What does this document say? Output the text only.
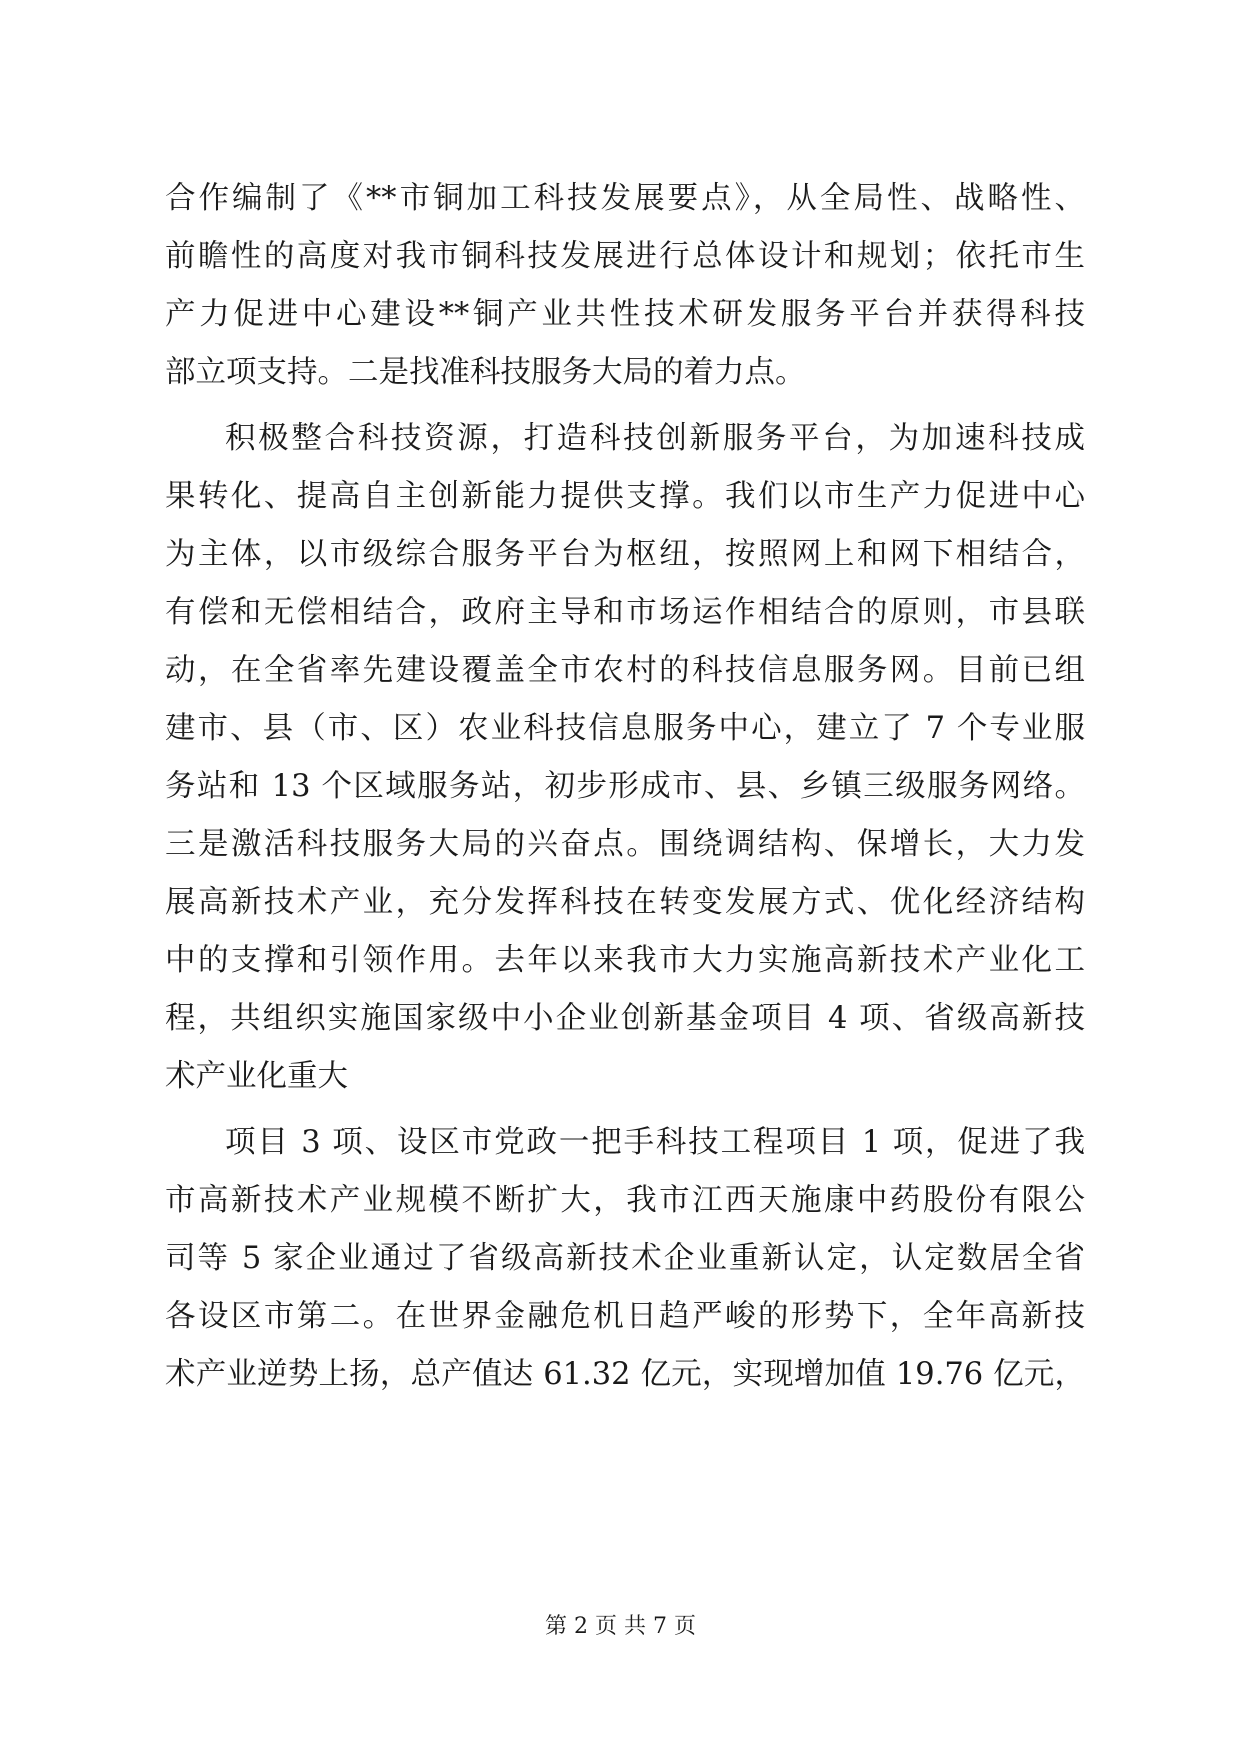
合作编制了《**市铜加工科技发展要点》，从全局性、战略性、
前瞻性的高度对我市铜科技发展进行总体设计和规划；依托市生
产力促进中心建设**铜产业共性技术研发服务平台并获得科技
部立项支持。二是找准科技服务大局的着力点。
积极整合科技资源，打造科技创新服务平台，为加速科技成
果转化、提高自主创新能力提供支撑。我们以市生产力促进中心
为主体，以市级综合服务平台为枢纽，按照网上和网下相结合，
有偿和无偿相结合，政府主导和市场运作相结合的原则，市县联
动，在全省率先建设覆盖全市农村的科技信息服务网。目前已组
建市、县（市、区）农业科技信息服务中心，建立了 7 个专业服
务站和 13 个区域服务站，初步形成市、县、乡镇三级服务网络。
三是激活科技服务大局的兴奋点。围绕调结构、保增长，大力发
展高新技术产业，充分发挥科技在转变发展方式、优化经济结构
中的支撑和引领作用。去年以来我市大力实施高新技术产业化工
程，共组织实施国家级中小企业创新基金项目 4 项、省级高新技
术产业化重大
项目 3 项、设区市党政一把手科技工程项目 1 项，促进了我
市高新技术产业规模不断扩大，我市江西天施康中药股份有限公
司等 5 家企业通过了省级高新技术企业重新认定，认定数居全省
各设区市第二。在世界金融危机日趋严峻的形势下，全年高新技
术产业逆势上扬，总产值达 61.32 亿元，实现增加值 19.76 亿元，
第 2 页 共 7 页
